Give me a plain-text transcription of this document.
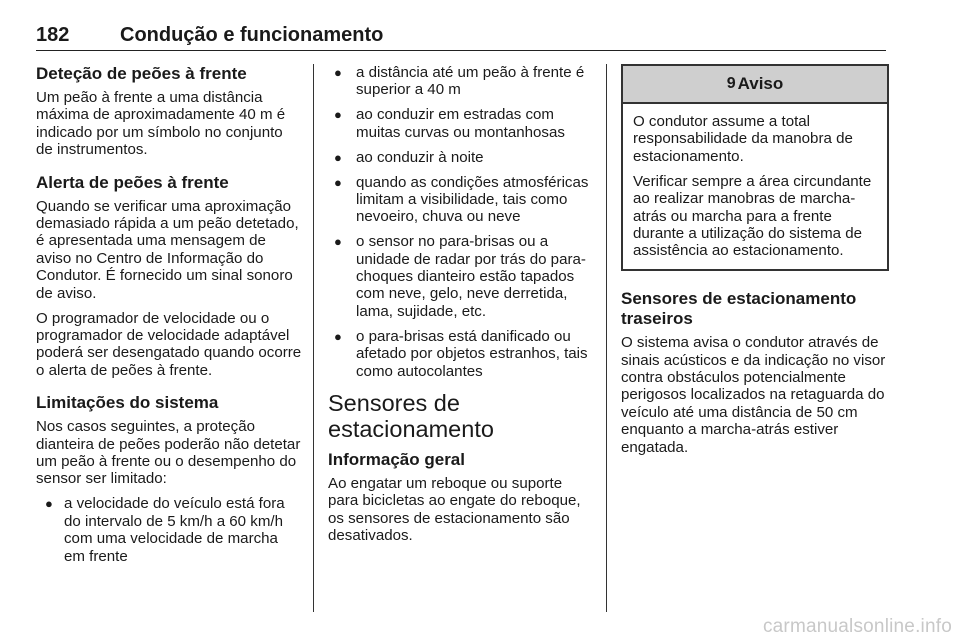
182	Condução e funcionamento
Deteção de peões à frente

Um peão à frente a uma distância máxima de aproximadamente 40 m é indicado por um símbolo no conjunto de instrumentos.

Alerta de peões à frente

Quando se verificar uma aproximação demasiado rápida a um peão detetado, é apresentada uma mensagem de aviso no Centro de Informação do Condutor. É fornecido um sinal sonoro de aviso.

O programador de velocidade ou o programador de velocidade adaptável poderá ser desengatado quando ocorre o alerta de peões à frente.

Limitações do sistema

Nos casos seguintes, a proteção dianteira de peões poderão não detetar um peão à frente ou o desempenho do sensor ser limitado:

● a velocidade do veículo está fora do intervalo de 5 km/h a 60 km/h com uma velocidade de marcha em frente
● a distância até um peão à frente é superior a 40 m
● ao conduzir em estradas com muitas curvas ou montanhosas
● ao conduzir à noite
● quando as condições atmosféricas limitam a visibilidade, tais como nevoeiro, chuva ou neve
● o sensor no para-brisas ou a unidade de radar por trás do para-choques dianteiro estão tapados com neve, gelo, neve derretida, lama, sujidade, etc.
● o para-brisas está danificado ou afetado por objetos estranhos, tais como autocolantes
Sensores de estacionamento
Informação geral

Ao engatar um reboque ou suporte para bicicletas ao engate do reboque, os sensores de estacionamento são desativados.

9 Aviso

O condutor assume a total responsabilidade da manobra de estacionamento.

Verificar sempre a área circundante ao realizar manobras de marcha-atrás ou marcha para a frente durante a utilização do sistema de assistência ao estacionamento.

Sensores de estacionamento traseiros

O sistema avisa o condutor através de sinais acústicos e da indicação no visor contra obstáculos potencialmente perigosos localizados na retaguarda do veículo até uma distância de 50 cm enquanto a marcha-atrás estiver engatada.

carmanualsonline.info
